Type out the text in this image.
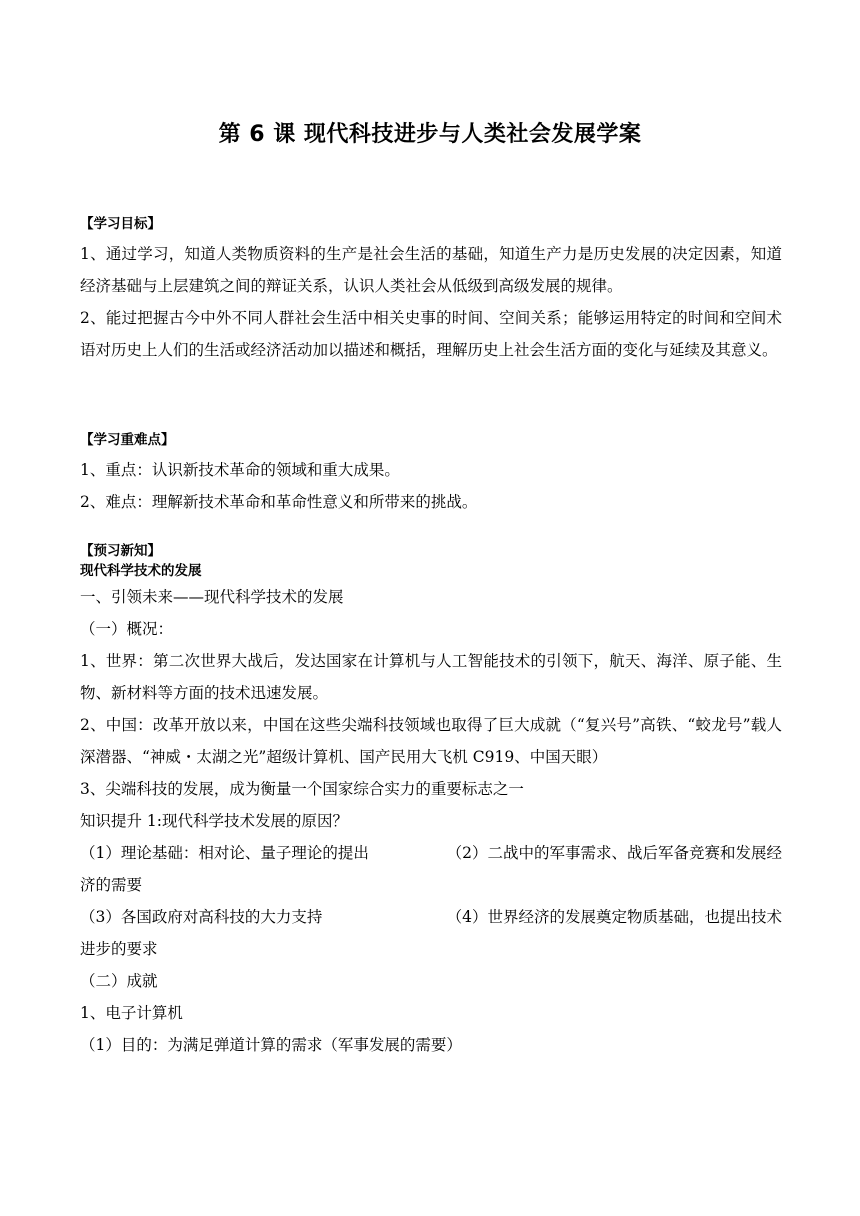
第 6 课 现代科技进步与人类社会发展学案
【学习目标】
1、通过学习，知道人类物质资料的生产是社会生活的基础，知道生产力是历史发展的决定因素，知道经济基础与上层建筑之间的辩证关系，认识人类社会从低级到高级发展的规律。
2、能过把握古今中外不同人群社会生活中相关史事的时间、空间关系；能够运用特定的时间和空间术语对历史上人们的生活或经济活动加以描述和概括，理解历史上社会生活方面的变化与延续及其意义。
【学习重难点】
1、重点：认识新技术革命的领域和重大成果。
2、难点：理解新技术革命和革命性意义和所带来的挑战。
【预习新知】
现代科学技术的发展
一、引领未来——现代科学技术的发展
（一）概况：
1、世界：第二次世界大战后，发达国家在计算机与人工智能技术的引领下，航天、海洋、原子能、生物、新材料等方面的技术迅速发展。
2、中国：改革开放以来，中国在这些尖端科技领域也取得了巨大成就（“复兴号”高铁、“蛟龙号”载人深潜器、“神威・太湖之光”超级计算机、国产民用大飞机 C919、中国天眼）
3、尖端科技的发展，成为衡量一个国家综合实力的重要标志之一
知识提升 1:现代科学技术发展的原因？
（1）理论基础：相对论、量子理论的提出	（2）二战中的军事需求、战后军备竞赛和发展经
济的需要
（3）各国政府对高科技的大力支持	（4）世界经济的发展奠定物质基础，也提出技术
进步的要求
（二）成就
1、电子计算机
（1）目的：为满足弹道计算的需求（军事发展的需要）
